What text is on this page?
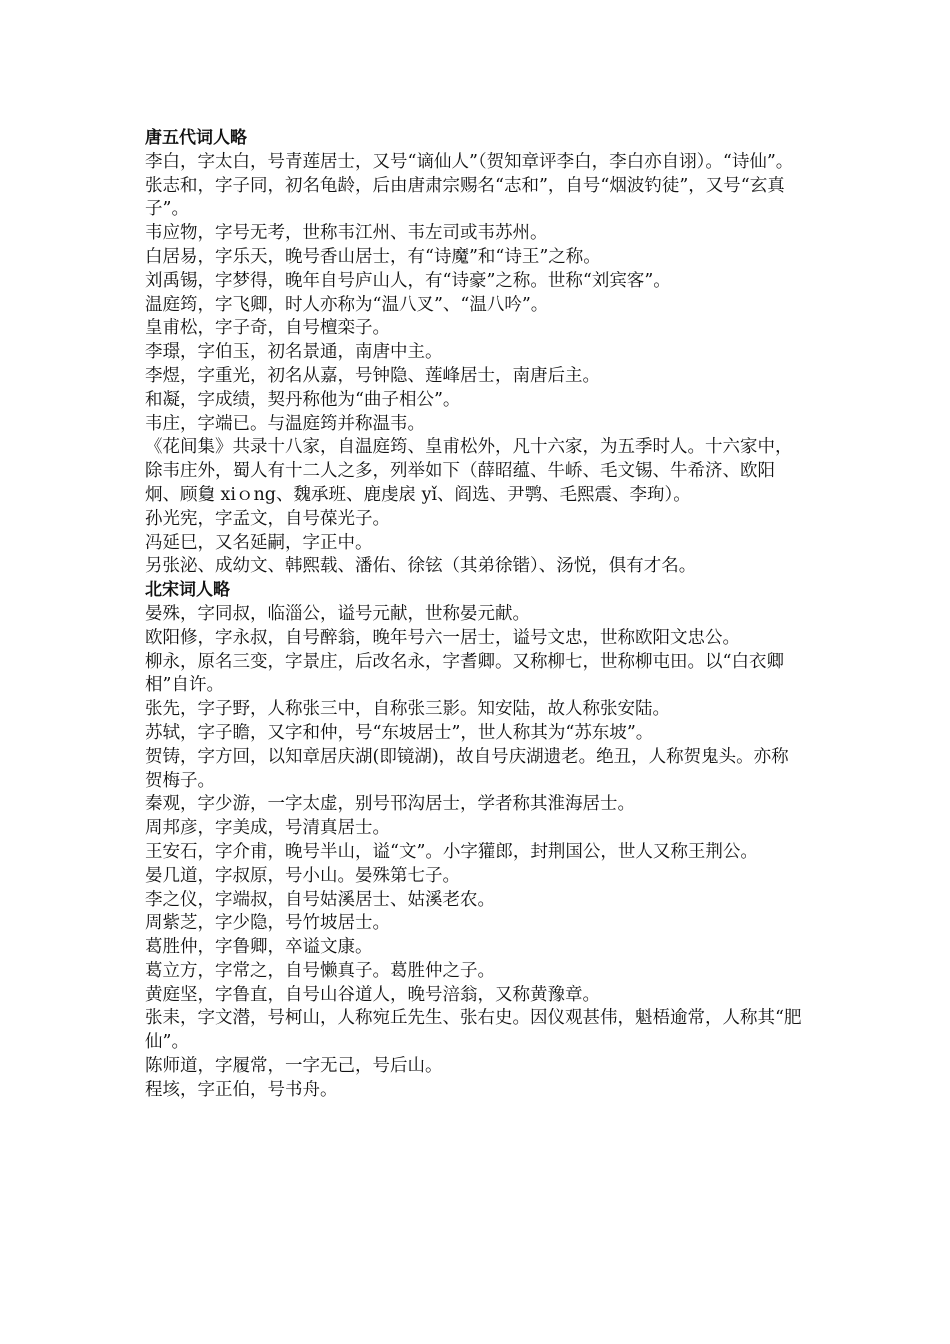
唐五代词人略

李白，字太白，号青莲居士，又号“谪仙人”（贺知章评李白，李白亦自诩）。“诗仙”。

张志和，字子同，初名龟龄，后由唐肃宗赐名“志和”，自号“烟波钓徒”，又号“玄真子”。

韦应物，字号无考，世称韦江州、韦左司或韦苏州。

白居易，字乐天，晚号香山居士，有“诗魔”和“诗王”之称。

刘禹锡，字梦得，晚年自号庐山人，有“诗豪”之称。世称“刘宾客”。

温庭筠，字飞卿，时人亦称为“温八叉”、“温八吟”。

皇甫松，字子奇，自号檀栾子。

李璟，字伯玉，初名景通，南唐中主。

李煜，字重光，初名从嘉，号钟隐、莲峰居士，南唐后主。

和凝，字成绩，契丹称他为“曲子相公”。

韦庄，字端已。与温庭筠并称温韦。

《花间集》共录十八家，自温庭筠、皇甫松外，凡十六家，为五季时人。十六家中，除韦庄外，蜀人有十二人之多，列举如下（薛昭蕴、牛峤、毛文锡、牛希济、欧阳炯、顾敻 xiｏng、魏承班、鹿虔扆 yǐ、阎选、尹鹗、毛熙震、李珣）。

孙光宪，字孟文，自号葆光子。

冯延巳，又名延嗣，字正中。

另张泌、成幼文、韩熙载、潘佑、徐铉（其弟徐锴）、汤悦，俱有才名。

北宋词人略

晏殊，字同叔，临淄公，谥号元献，世称晏元献。

欧阳修，字永叔，自号醉翁，晚年号六一居士，谥号文忠，世称欧阳文忠公。

柳永，原名三变，字景庄，后改名永，字耆卿。又称柳七，世称柳屯田。以“白衣卿相”自许。

张先，字子野，人称张三中，自称张三影。知安陆，故人称张安陆。

苏轼，字子瞻，又字和仲，号“东坡居士”，世人称其为“苏东坡”。

贺铸，字方回，以知章居庆湖(即镜湖)，故自号庆湖遗老。绝丑，人称贺鬼头。亦称贺梅子。

秦观，字少游，一字太虚，别号邗沟居士，学者称其淮海居士。

周邦彦，字美成，号清真居士。

王安石，字介甫，晚号半山，谥“文”。小字獾郎，封荆国公，世人又称王荆公。

晏几道，字叔原，号小山。晏殊第七子。

李之仪，字端叔，自号姑溪居士、姑溪老农。

周紫芝，字少隐，号竹坡居士。

葛胜仲，字鲁卿，卒谥文康。

葛立方，字常之，自号懒真子。葛胜仲之子。

黄庭坚，字鲁直，自号山谷道人，晚号涪翁，又称黄豫章。

张耒，字文潜，号柯山，人称宛丘先生、张右史。因仪观甚伟，魁梧逾常，人称其“肥仙”。

陈师道，字履常，一字无己，号后山。

程垓，字正伯，号书舟。
